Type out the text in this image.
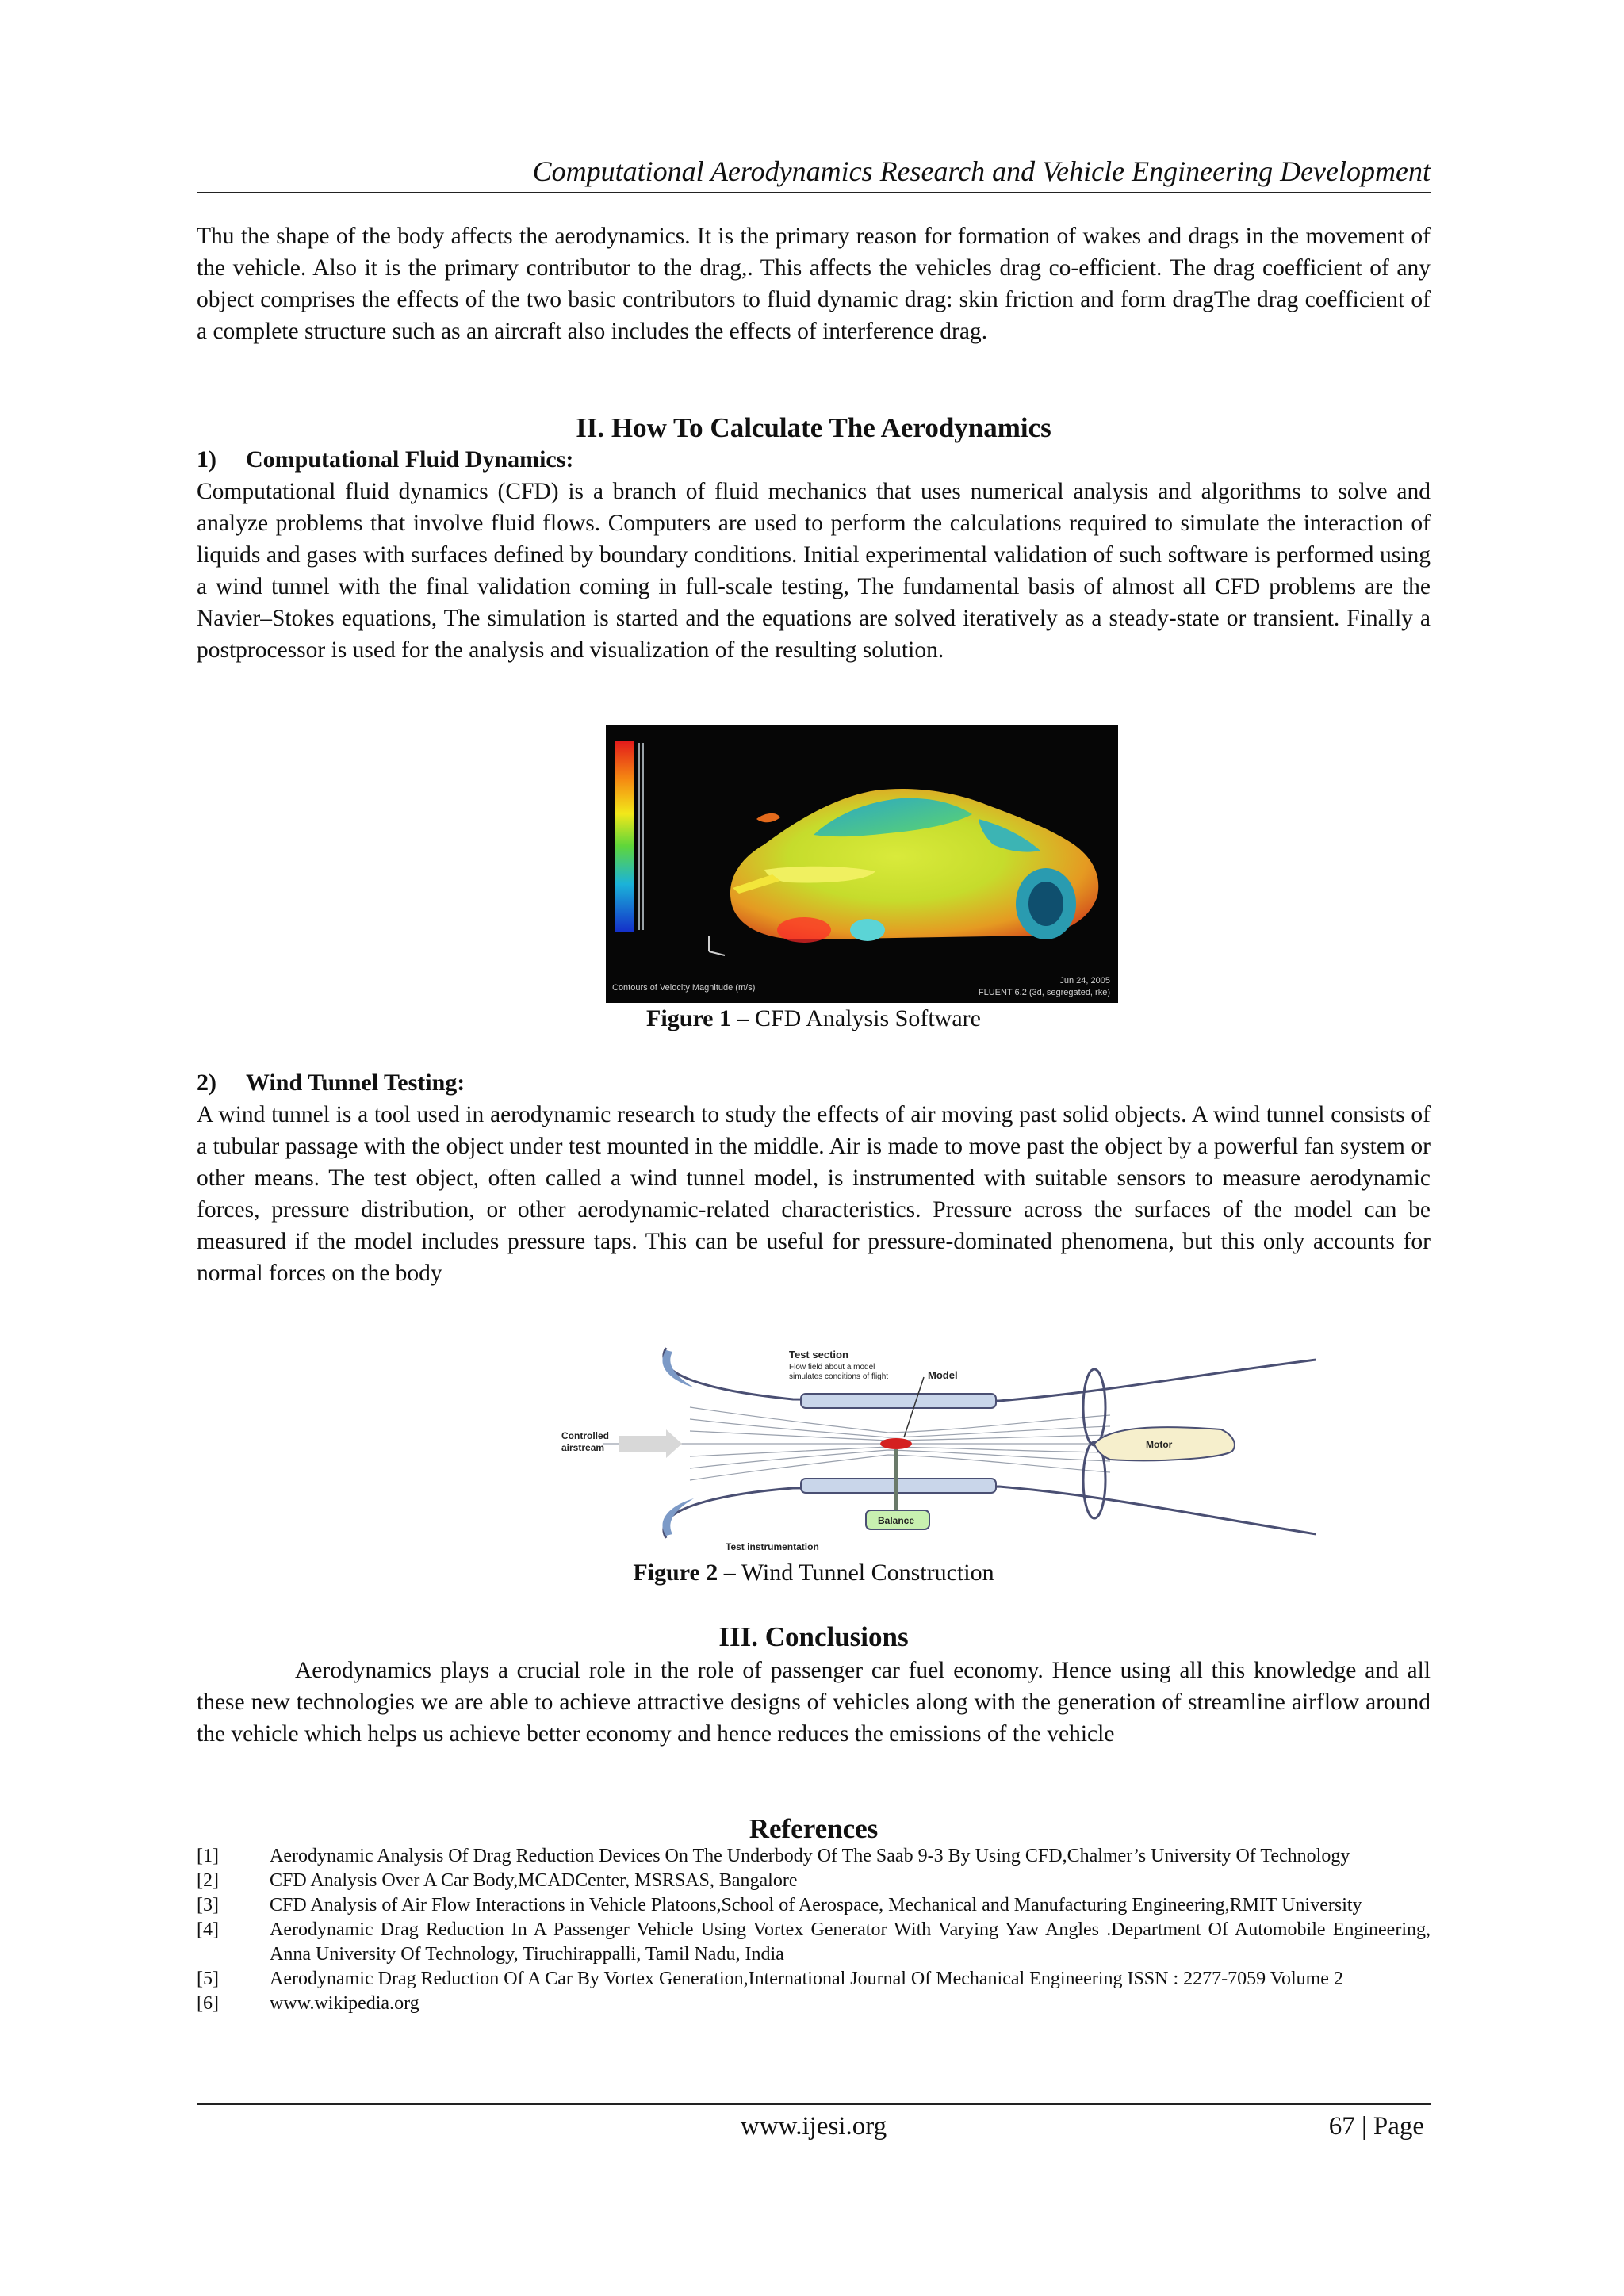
Computational Aerodynamics Research and Vehicle Engineering Development

Thu the shape of the body affects the aerodynamics. It is the primary reason for formation of wakes and drags in the movement of the vehicle. Also it is the primary contributor to the drag,. This affects the vehicles drag co-efficient. The drag coefficient of any object comprises the effects of the two basic contributors to fluid dynamic drag: skin friction and form dragThe drag coefficient of a complete structure such as an aircraft also includes the effects of interference drag.

II. How To Calculate The Aerodynamics
1) Computational Fluid Dynamics:

Computational fluid dynamics (CFD) is a branch of fluid mechanics that uses numerical analysis and algorithms to solve and analyze problems that involve fluid flows. Computers are used to perform the calculations required to simulate the interaction of liquids and gases with surfaces defined by boundary conditions. Initial experimental validation of such software is performed using a wind tunnel with the final validation coming in full-scale testing, The fundamental basis of almost all CFD problems are the Navier–Stokes equations, The simulation is started and the equations are solved iteratively as a steady-state or transient. Finally a postprocessor is used for the analysis and visualization of the resulting solution.

Contours of Velocity Magnitude (m/s)
Jun 24, 2005
FLUENT 6.2 (3d, segregated, rke)
Figure 1 – CFD Analysis Software
2) Wind Tunnel Testing:

A wind tunnel is a tool used in aerodynamic research to study the effects of air moving past solid objects. A wind tunnel consists of a tubular passage with the object under test mounted in the middle. Air is made to move past the object by a powerful fan system or other means. The test object, often called a wind tunnel model, is instrumented with suitable sensors to measure aerodynamic forces, pressure distribution, or other aerodynamic-related characteristics. Pressure across the surfaces of the model can be measured if the model includes pressure taps. This can be useful for pressure-dominated phenomena, but this only accounts for normal forces on the body

Test section
Flow field about a model
simulates conditions of flight	Model
Controlled
airstream	Motor
Balance
Test instrumentation
Figure 2 – Wind Tunnel Construction
III. Conclusions

Aerodynamics plays a crucial role in the role of passenger car fuel economy. Hence using all this knowledge and all these new technologies we are able to achieve attractive designs of vehicles along with the generation of streamline airflow around the vehicle which helps us achieve better economy and hence reduces the emissions of the vehicle

References
[1]	Aerodynamic Analysis Of Drag Reduction Devices On The Underbody Of The Saab 9-3 By Using CFD,Chalmer’s University Of Technology
[2]	CFD Analysis Over A Car Body,MCADCenter, MSRSAS, Bangalore
[3]	CFD Analysis of Air Flow Interactions in Vehicle Platoons,School of Aerospace, Mechanical and Manufacturing Engineering,RMIT University
[4]	Aerodynamic Drag Reduction In A Passenger Vehicle Using Vortex Generator With Varying Yaw Angles .Department Of Automobile Engineering, Anna University Of Technology, Tiruchirappalli, Tamil Nadu, India
[5]	Aerodynamic Drag Reduction Of A Car By Vortex Generation,International Journal Of Mechanical Engineering ISSN : 2277-7059 Volume 2
[6]	www.wikipedia.org
www.ijesi.org	67 | Page
